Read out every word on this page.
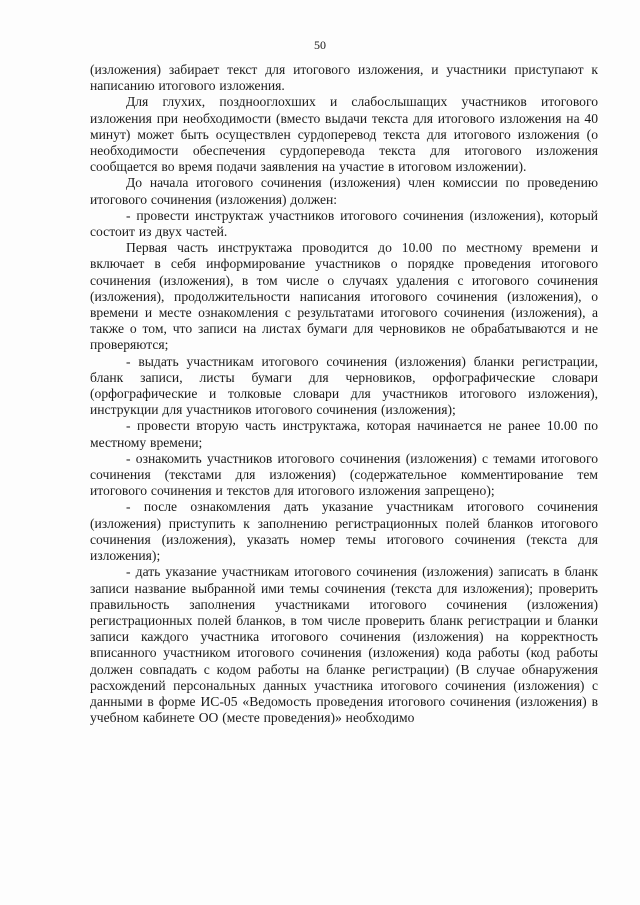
50

(изложения) забирает текст для итогового изложения, и участники приступают к написанию итогового изложения.

Для глухих, позднооглохших и слабослышащих участников итогового изложения при необходимости (вместо выдачи текста для итогового изложения на 40 минут) может быть осуществлен сурдоперевод текста для итогового изложения (о необходимости обеспечения сурдоперевода текста для итогового изложения сообщается во время подачи заявления на участие в итоговом изложении).

До начала итогового сочинения (изложения) член комиссии по проведению итогового сочинения (изложения) должен:

- провести инструктаж участников итогового сочинения (изложения), который состоит из двух частей.

Первая часть инструктажа проводится до 10.00 по местному времени и включает в себя информирование участников о порядке проведения итогового сочинения (изложения), в том числе о случаях удаления с итогового сочинения (изложения), продолжительности написания итогового сочинения (изложения), о времени и месте ознакомления с результатами итогового сочинения (изложения), а также о том, что записи на листах бумаги для черновиков не обрабатываются и не проверяются;

- выдать участникам итогового сочинения (изложения) бланки регистрации, бланк записи, листы бумаги для черновиков, орфографические словари (орфографические и толковые словари для участников итогового изложения), инструкции для участников итогового сочинения (изложения);

- провести вторую часть инструктажа, которая начинается не ранее 10.00 по местному времени;

- ознакомить участников итогового сочинения (изложения) с темами итогового сочинения (текстами для изложения) (содержательное комментирование тем итогового сочинения и текстов для итогового изложения запрещено);

- после ознакомления дать указание участникам итогового сочинения (изложения) приступить к заполнению регистрационных полей бланков итогового сочинения (изложения), указать номер темы итогового сочинения (текста для изложения);

- дать указание участникам итогового сочинения (изложения) записать в бланк записи название выбранной ими темы сочинения (текста для изложения); проверить правильность заполнения участниками итогового сочинения (изложения) регистрационных полей бланков, в том числе проверить бланк регистрации и бланки записи каждого участника итогового сочинения (изложения) на корректность вписанного участником итогового сочинения (изложения) кода работы (код работы должен совпадать с кодом работы на бланке регистрации) (В случае обнаружения расхождений персональных данных участника итогового сочинения (изложения) с данными в форме ИС-05 «Ведомость проведения итогового сочинения (изложения) в учебном кабинете ОО (месте проведения)» необходимо
